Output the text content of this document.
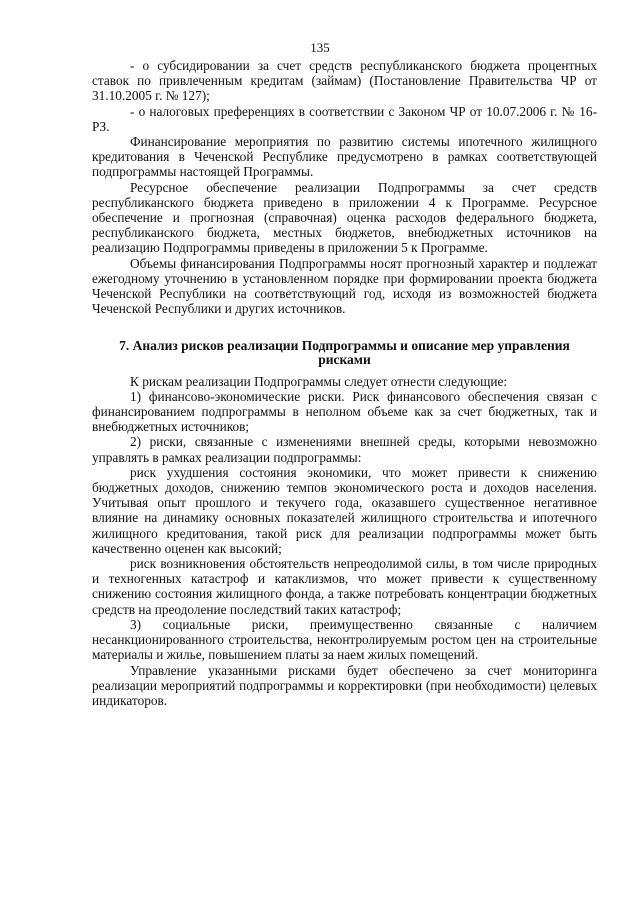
135

- о субсидировании за счет средств республиканского бюджета процентных ставок по привлеченным кредитам (займам) (Постановление Правительства ЧР от 31.10.2005 г. № 127);

- о налоговых преференциях в соответствии с Законом ЧР от 10.07.2006 г. № 16-РЗ.

Финансирование мероприятия по развитию системы ипотечного жилищного кредитования в Чеченской Республике предусмотрено в рамках соответствующей подпрограммы настоящей Программы.

Ресурсное обеспечение реализации Подпрограммы за счет средств республиканского бюджета приведено в приложении 4 к Программе. Ресурсное обеспечение и прогнозная (справочная) оценка расходов федерального бюджета, республиканского бюджета, местных бюджетов, внебюджетных источников на реализацию Подпрограммы приведены в приложении 5 к Программе.

Объемы финансирования Подпрограммы носят прогнозный характер и подлежат ежегодному уточнению в установленном порядке при формировании проекта бюджета Чеченской Республики на соответствующий год, исходя из возможностей бюджета Чеченской Республики и других источников.

7. Анализ рисков реализации Подпрограммы и описание мер управления рисками

К рискам реализации Подпрограммы следует отнести следующие:

1) финансово-экономические риски. Риск финансового обеспечения связан с финансированием подпрограммы в неполном объеме как за счет бюджетных, так и внебюджетных источников;

2) риски, связанные с изменениями внешней среды, которыми невозможно управлять в рамках реализации подпрограммы:

риск ухудшения состояния экономики, что может привести к снижению бюджетных доходов, снижению темпов экономического роста и доходов населения. Учитывая опыт прошлого и текучего года, оказавшего существенное негативное влияние на динамику основных показателей жилищного строительства и ипотечного жилищного кредитования, такой риск для реализации подпрограммы может быть качественно оценен как высокий;

риск возникновения обстоятельств непреодолимой силы, в том числе природных и техногенных катастроф и катаклизмов, что может привести к существенному снижению состояния жилищного фонда, а также потребовать концентрации бюджетных средств на преодоление последствий таких катастроф;

3) социальные риски, преимущественно связанные с наличием несанкционированного строительства, неконтролируемым ростом цен на строительные материалы и жилье, повышением платы за наем жилых помещений.

Управление указанными рисками будет обеспечено за счет мониторинга реализации мероприятий подпрограммы и корректировки (при необходимости) целевых индикаторов.
